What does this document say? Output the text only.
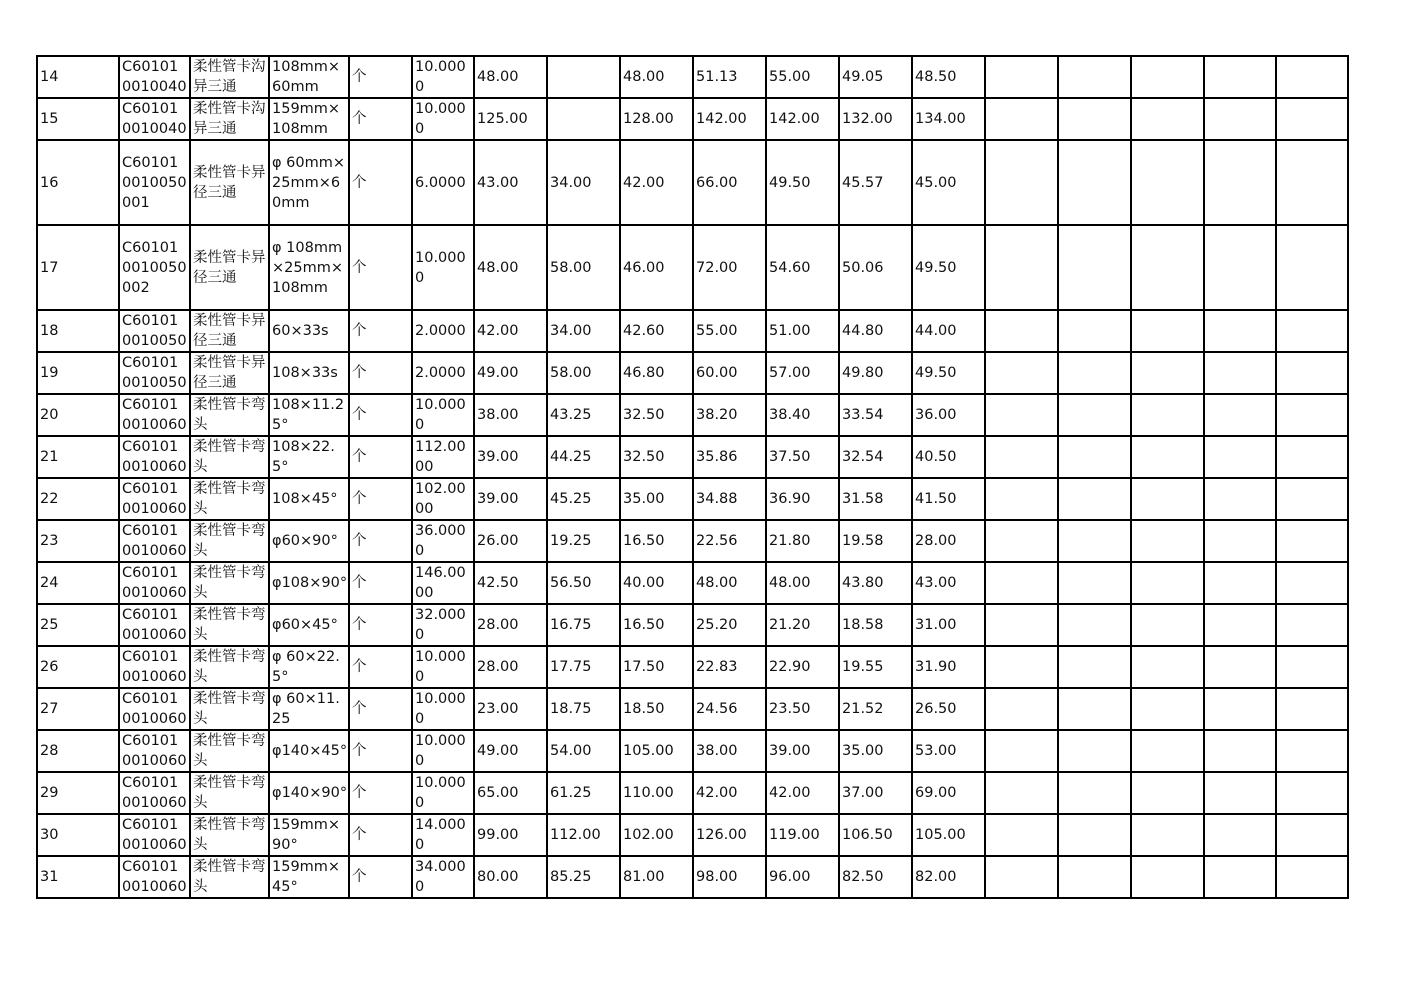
14	C60101 0010040	柔性管卡沟异三通	108mm×60mm	个	10.0000	48.00		48.00	51.13	55.00	49.05	48.50					
15	C60101 0010040	柔性管卡沟异三通	159mm×108mm	个	10.0000	125.00		128.00	142.00	142.00	132.00	134.00					
16	C60101 0010050 001	柔性管卡异径三通	φ 60mm×25mm×60mm	个	6.0000	43.00	34.00	42.00	66.00	49.50	45.57	45.00					
17	C60101 0010050 002	柔性管卡异径三通	φ 108mm×25mm×108mm	个	10.0000	48.00	58.00	46.00	72.00	54.60	50.06	49.50					
18	C60101 0010050	柔性管卡异径三通	60×33s	个	2.0000	42.00	34.00	42.60	55.00	51.00	44.80	44.00					
19	C60101 0010050	柔性管卡异径三通	108×33s	个	2.0000	49.00	58.00	46.80	60.00	57.00	49.80	49.50					
20	C60101 0010060	柔性管卡弯头	108×11.25°	个	10.0000	38.00	43.25	32.50	38.20	38.40	33.54	36.00					
21	C60101 0010060	柔性管卡弯头	108×22.5°	个	112.0000	39.00	44.25	32.50	35.86	37.50	32.54	40.50					
22	C60101 0010060	柔性管卡弯头	108×45°	个	102.0000	39.00	45.25	35.00	34.88	36.90	31.58	41.50					
23	C60101 0010060	柔性管卡弯头	φ60×90°	个	36.0000	26.00	19.25	16.50	22.56	21.80	19.58	28.00					
24	C60101 0010060	柔性管卡弯头	φ108×90°	个	146.0000	42.50	56.50	40.00	48.00	48.00	43.80	43.00					
25	C60101 0010060	柔性管卡弯头	φ60×45°	个	32.0000	28.00	16.75	16.50	25.20	21.20	18.58	31.00					
26	C60101 0010060	柔性管卡弯头	φ 60×22.5°	个	10.0000	28.00	17.75	17.50	22.83	22.90	19.55	31.90					
27	C60101 0010060	柔性管卡弯头	φ 60×11.25	个	10.0000	23.00	18.75	18.50	24.56	23.50	21.52	26.50					
28	C60101 0010060	柔性管卡弯头	φ140×45°	个	10.0000	49.00	54.00	105.00	38.00	39.00	35.00	53.00					
29	C60101 0010060	柔性管卡弯头	φ140×90°	个	10.0000	65.00	61.25	110.00	42.00	42.00	37.00	69.00					
30	C60101 0010060	柔性管卡弯头	159mm×90°	个	14.0000	99.00	112.00	102.00	126.00	119.00	106.50	105.00					
31	C60101 0010060	柔性管卡弯头	159mm×45°	个	34.0000	80.00	85.25	81.00	98.00	96.00	82.50	82.00					
